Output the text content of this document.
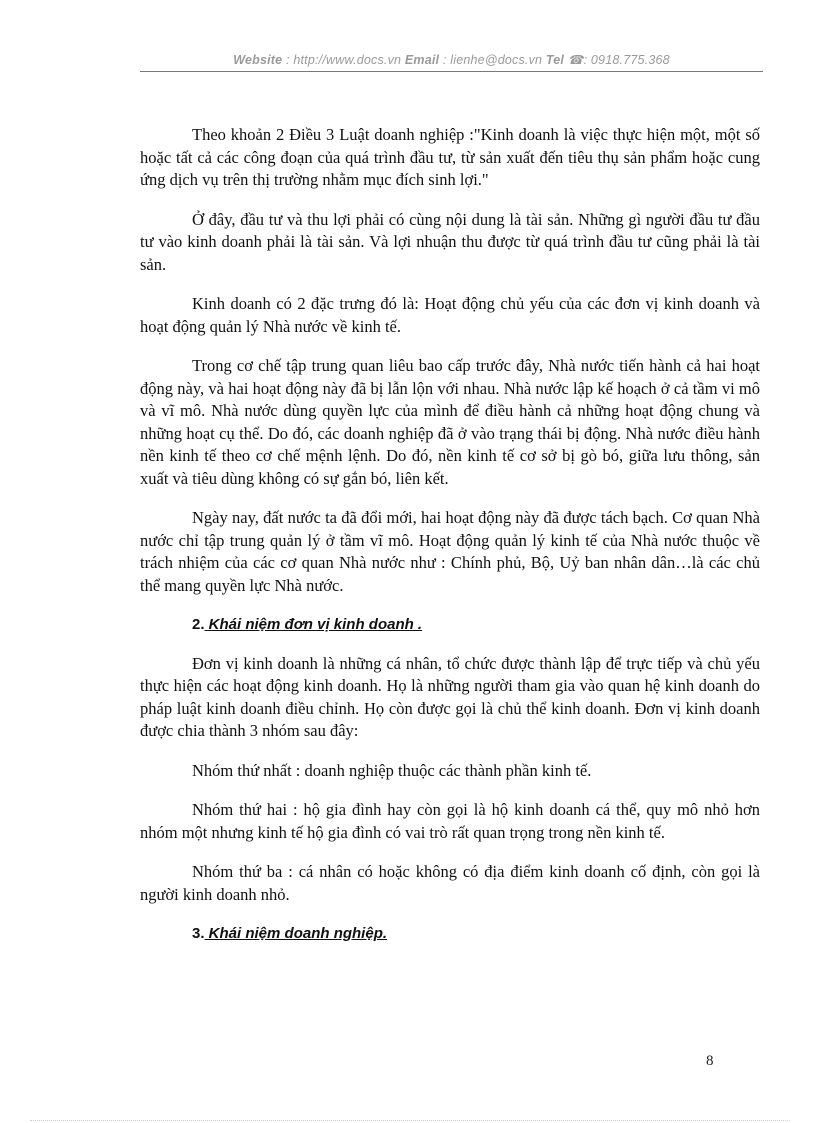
Website : http://www.docs.vn Email : lienhe@docs.vn Tel ☎: 0918.775.368

Theo khoản 2 Điều 3 Luật doanh nghiệp :"Kinh doanh là việc thực hiện một, một số hoặc tất cả các công đoạn của quá trình đầu tư, từ sản xuất đến tiêu thụ sản phẩm hoặc cung ứng dịch vụ trên thị trường nhằm mục đích sinh lợi."

Ở đây, đầu tư và thu lợi phải có cùng nội dung là tài sản. Những gì người đầu tư đầu tư vào kinh doanh phải là tài sản. Và lợi nhuận thu được từ quá trình đầu tư cũng phải là tài sản.

Kinh doanh có 2 đặc trưng đó là: Hoạt động chủ yếu của các đơn vị kinh doanh và hoạt động quản lý Nhà nước về kinh tế.

Trong cơ chế tập trung quan liêu bao cấp trước đây, Nhà nước tiến hành cả hai hoạt động này, và hai hoạt động này đã bị lẫn lộn với nhau. Nhà nước lập kế hoạch ở cả tầm vi mô và vĩ mô. Nhà nước dùng quyền lực của mình để điều hành cả những hoạt động chung và những hoạt cụ thể. Do đó, các doanh nghiệp đã ở vào trạng thái bị động. Nhà nước điều hành nền kinh tế theo cơ chế mệnh lệnh. Do đó, nền kinh tế cơ sở bị gò bó, giữa lưu thông, sản xuất và tiêu dùng không có sự gắn bó, liên kết.

Ngày nay, đất nước ta đã đổi mới, hai hoạt động này đã được tách bạch. Cơ quan Nhà nước chỉ tập trung quản lý ở tầm vĩ mô. Hoạt động quản lý kinh tế của Nhà nước thuộc về trách nhiệm của các cơ quan Nhà nước như : Chính phủ, Bộ, Uỷ ban nhân dân…là các chủ thể mang quyền lực Nhà nước.

2. Khái niệm đơn vị kinh doanh .

Đơn vị kinh doanh là những cá nhân, tổ chức được thành lập để trực tiếp và chủ yếu thực hiện các hoạt động kinh doanh. Họ là những người tham gia vào quan hệ kinh doanh do pháp luật kinh doanh điều chỉnh. Họ còn được gọi là chủ thể kinh doanh. Đơn vị kinh doanh được chia thành 3 nhóm sau đây:

Nhóm thứ nhất : doanh nghiệp thuộc các thành phần kinh tế.

Nhóm thứ hai : hộ gia đình hay còn gọi là hộ kinh doanh cá thể, quy mô nhỏ hơn nhóm một nhưng kinh tế hộ gia đình có vai trò rất quan trọng trong nền kinh tế.

Nhóm thứ ba : cá nhân có hoặc không có địa điểm kinh doanh cố định, còn gọi là người kinh doanh nhỏ.

3. Khái niệm doanh nghiệp.

8
